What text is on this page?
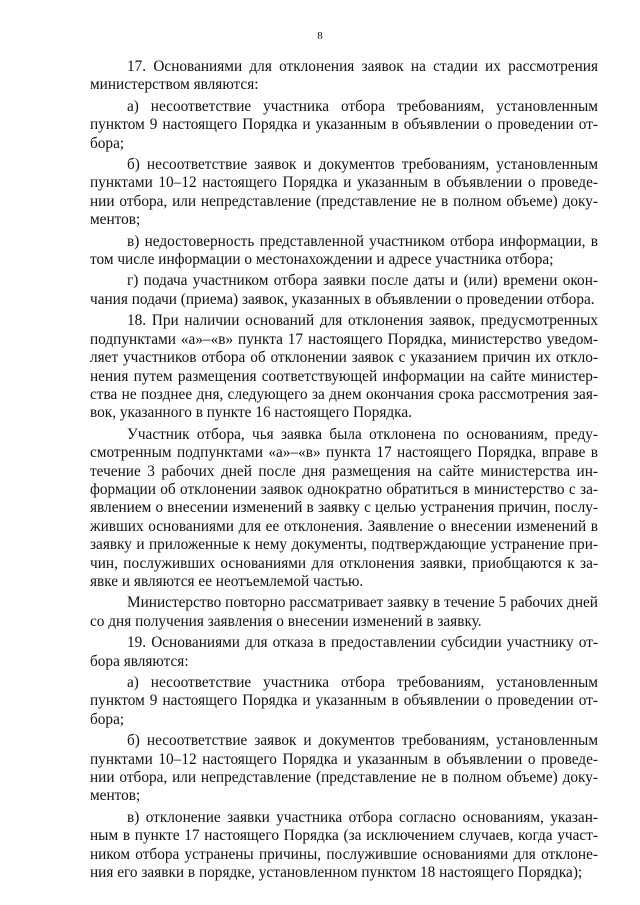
8

17. Основаниями для отклонения заявок на стадии их рассмотрения министерством являются:

а) несоответствие участника отбора требованиям, установленным пунктом 9 настоящего Порядка и указанным в объявлении о проведении отбора;

б) несоответствие заявок и документов требованиям, установленным пунктами 10–12 настоящего Порядка и указанным в объявлении о проведении отбора, или непредставление (представление не в полном объеме) документов;

в) недостоверность представленной участником отбора информации, в том числе информации о местонахождении и адресе участника отбора;

г) подача участником отбора заявки после даты и (или) времени окончания подачи (приема) заявок, указанных в объявлении о проведении отбора.

18. При наличии оснований для отклонения заявок, предусмотренных подпунктами «а»–«в» пункта 17 настоящего Порядка, министерство уведомляет участников отбора об отклонении заявок с указанием причин их отклонения путем размещения соответствующей информации на сайте министерства не позднее дня, следующего за днем окончания срока рассмотрения заявок, указанного в пункте 16 настоящего Порядка.

Участник отбора, чья заявка была отклонена по основаниям, предусмотренным подпунктами «а»–«в» пункта 17 настоящего Порядка, вправе в течение 3 рабочих дней после дня размещения на сайте министерства информации об отклонении заявок однократно обратиться в министерство с заявлением о внесении изменений в заявку с целью устранения причин, послуживших основаниями для ее отклонения. Заявление о внесении изменений в заявку и приложенные к нему документы, подтверждающие устранение причин, послуживших основаниями для отклонения заявки, приобщаются к заявке и являются ее неотъемлемой частью.

Министерство повторно рассматривает заявку в течение 5 рабочих дней со дня получения заявления о внесении изменений в заявку.

19. Основаниями для отказа в предоставлении субсидии участнику отбора являются:

а) несоответствие участника отбора требованиям, установленным пунктом 9 настоящего Порядка и указанным в объявлении о проведении отбора;

б) несоответствие заявок и документов требованиям, установленным пунктами 10–12 настоящего Порядка и указанным в объявлении о проведении отбора, или непредставление (представление не в полном объеме) документов;

в) отклонение заявки участника отбора согласно основаниям, указанным в пункте 17 настоящего Порядка (за исключением случаев, когда участником отбора устранены причины, послужившие основаниями для отклонения его заявки в порядке, установленном пунктом 18 настоящего Порядка);
